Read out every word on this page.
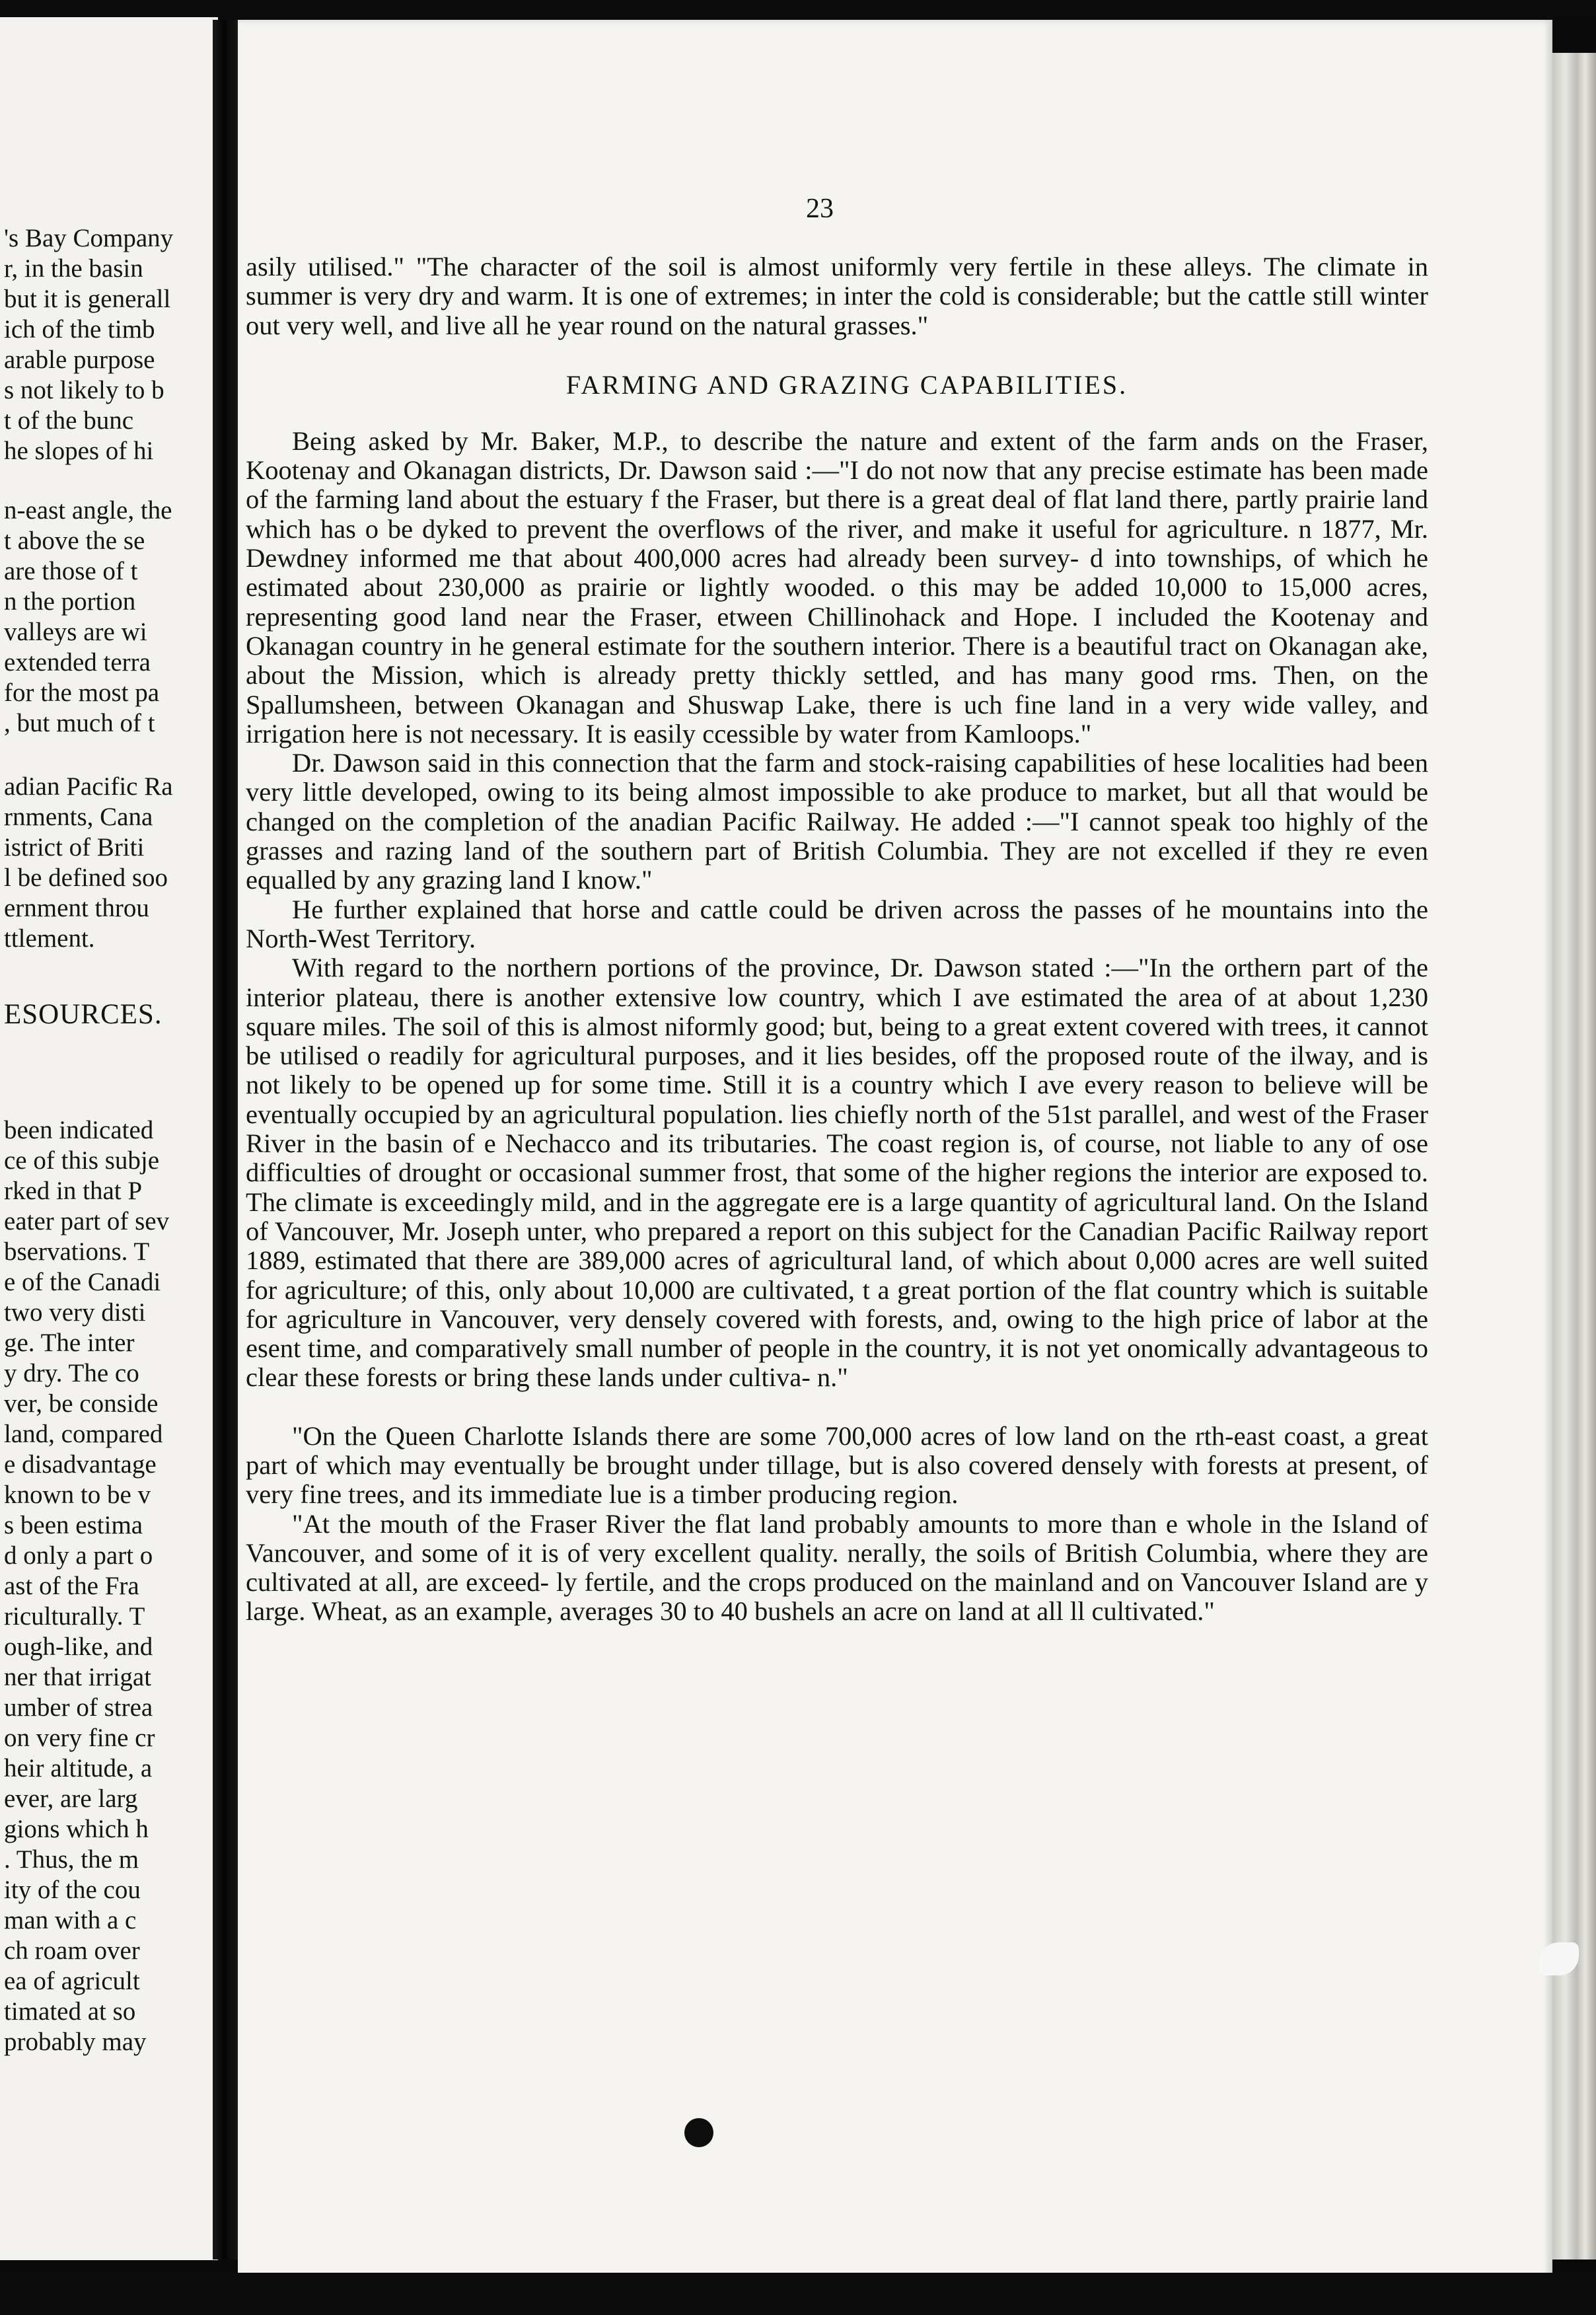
's Bay Company
r, in the basin
but it is generall
ich of the timb
arable purpose
s not likely to b
t of the bunc
he slopes of hi
n-east angle, the
t above the se
are those of t
n the portion
valleys are wi
extended terra
for the most pa
, but much of t
adian Pacific Ra
rnments, Cana
istrict of Briti
l be defined soo
ernment throu
ttlement.
ESOURCES.
been indicated
ce of this subje
rked in that P
eater part of sev
bservations. T
e of the Canadi
two very disti
ge. The inter
y dry. The co
ver, be conside
land, compared
e disadvantage
known to be v
s been estima
d only a part o
ast of the Fra
riculturally. T
ough-like, and
ner that irrigat
umber of strea
on very fine cr
heir altitude, a
ever, are larg
gions which h
. Thus, the m
ity of the cou
man with a c
ch roam over
ea of agricult
timated at so
probably may
23

asily utilised." "The character of the soil is almost uniformly very fertile in these alleys. The climate in summer is very dry and warm. It is one of extremes; in inter the cold is considerable; but the cattle still winter out very well, and live all he year round on the natural grasses."

FARMING AND GRAZING CAPABILITIES.

Being asked by Mr. Baker, M.P., to describe the nature and extent of the farm ands on the Fraser, Kootenay and Okanagan districts, Dr. Dawson said :—"I do not now that any precise estimate has been made of the farming land about the estuary f the Fraser, but there is a great deal of flat land there, partly prairie land which has o be dyked to prevent the overflows of the river, and make it useful for agriculture. n 1877, Mr. Dewdney informed me that about 400,000 acres had already been survey- d into townships, of which he estimated about 230,000 as prairie or lightly wooded. o this may be added 10,000 to 15,000 acres, representing good land near the Fraser, etween Chillinohack and Hope. I included the Kootenay and Okanagan country in he general estimate for the southern interior. There is a beautiful tract on Okanagan ake, about the Mission, which is already pretty thickly settled, and has many good rms. Then, on the Spallumsheen, between Okanagan and Shuswap Lake, there is uch fine land in a very wide valley, and irrigation here is not necessary. It is easily ccessible by water from Kamloops."

Dr. Dawson said in this connection that the farm and stock-raising capabilities of hese localities had been very little developed, owing to its being almost impossible to ake produce to market, but all that would be changed on the completion of the anadian Pacific Railway. He added :—"I cannot speak too highly of the grasses and razing land of the southern part of British Columbia. They are not excelled if they re even equalled by any grazing land I know."

He further explained that horse and cattle could be driven across the passes of he mountains into the North-West Territory.

With regard to the northern portions of the province, Dr. Dawson stated :—"In the orthern part of the interior plateau, there is another extensive low country, which I ave estimated the area of at about 1,230 square miles. The soil of this is almost niformly good; but, being to a great extent covered with trees, it cannot be utilised o readily for agricultural purposes, and it lies besides, off the proposed route of the ilway, and is not likely to be opened up for some time. Still it is a country which I ave every reason to believe will be eventually occupied by an agricultural population. lies chiefly north of the 51st parallel, and west of the Fraser River in the basin of e Nechacco and its tributaries. The coast region is, of course, not liable to any of ose difficulties of drought or occasional summer frost, that some of the higher regions the interior are exposed to. The climate is exceedingly mild, and in the aggregate ere is a large quantity of agricultural land. On the Island of Vancouver, Mr. Joseph unter, who prepared a report on this subject for the Canadian Pacific Railway report 1889, estimated that there are 389,000 acres of agricultural land, of which about 0,000 acres are well suited for agriculture; of this, only about 10,000 are cultivated, t a great portion of the flat country which is suitable for agriculture in Vancouver, very densely covered with forests, and, owing to the high price of labor at the esent time, and comparatively small number of people in the country, it is not yet onomically advantageous to clear these forests or bring these lands under cultiva- n."

"On the Queen Charlotte Islands there are some 700,000 acres of low land on the rth-east coast, a great part of which may eventually be brought under tillage, but is also covered densely with forests at present, of very fine trees, and its immediate lue is a timber producing region.

"At the mouth of the Fraser River the flat land probably amounts to more than e whole in the Island of Vancouver, and some of it is of very excellent quality. nerally, the soils of British Columbia, where they are cultivated at all, are exceed- ly fertile, and the crops produced on the mainland and on Vancouver Island are y large. Wheat, as an example, averages 30 to 40 bushels an acre on land at all ll cultivated."
